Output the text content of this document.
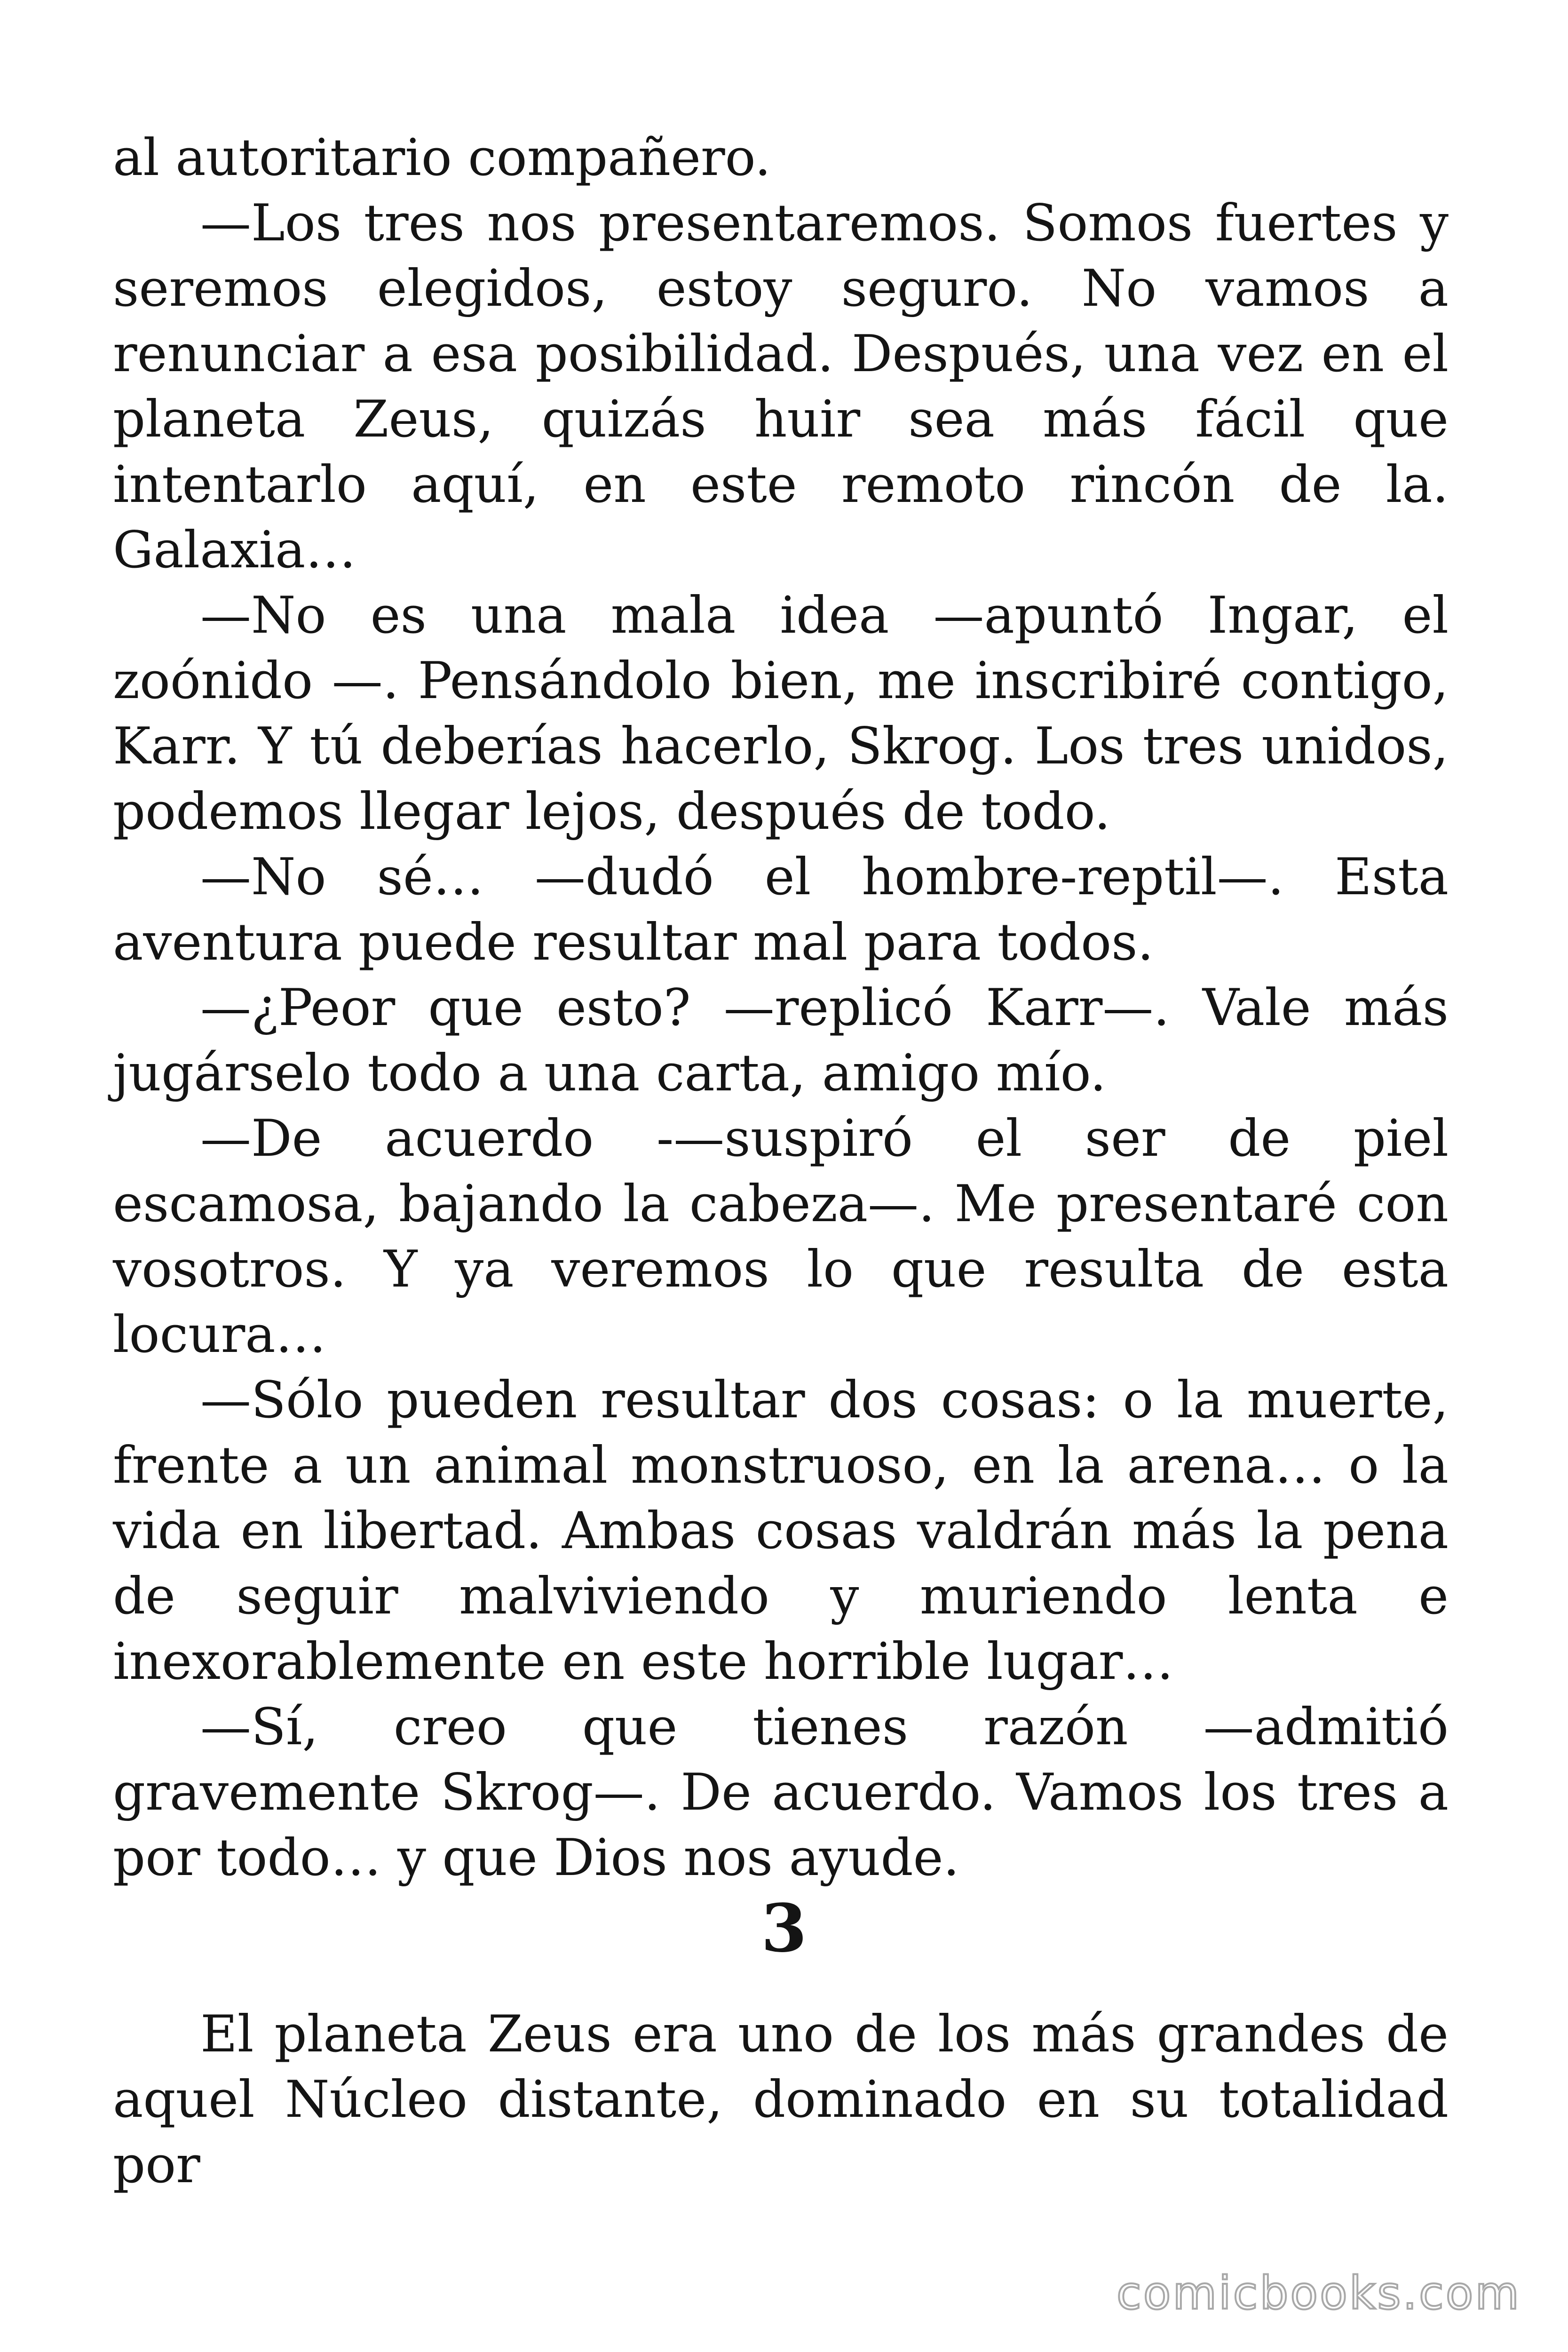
al autoritario compañero.

—Los tres nos presentaremos. Somos fuertes y seremos elegidos, estoy seguro. No vamos a renunciar a esa posibilidad. Después, una vez en el planeta Zeus, quizás huir sea más fácil que intentarlo aquí, en este remoto rincón de la. Galaxia…

—No es una mala idea —apuntó Ingar, el zoónido —. Pensándolo bien, me inscribiré contigo, Karr. Y tú deberías hacerlo, Skrog. Los tres unidos, podemos llegar lejos, después de todo.

—No sé… —dudó el hombre-reptil—. Esta aventura puede resultar mal para todos.

—¿Peor que esto? —replicó Karr—. Vale más jugárselo todo a una carta, amigo mío.

—De acuerdo -—suspiró el ser de piel escamosa, bajando la cabeza—. Me presentaré con vosotros. Y ya veremos lo que resulta de esta locura…

—Sólo pueden resultar dos cosas: o la muerte, frente a un animal monstruoso, en la arena… o la vida en libertad. Ambas cosas valdrán más la pena de seguir malviviendo y muriendo lenta e inexorablemente en este horrible lugar…

—Sí, creo que tienes razón —admitió gravemente Skrog—. De acuerdo. Vamos los tres a por todo… y que Dios nos ayude.

3

El planeta Zeus era uno de los más grandes de aquel Núcleo distante, dominado en su totalidad por

comicbooks.com
